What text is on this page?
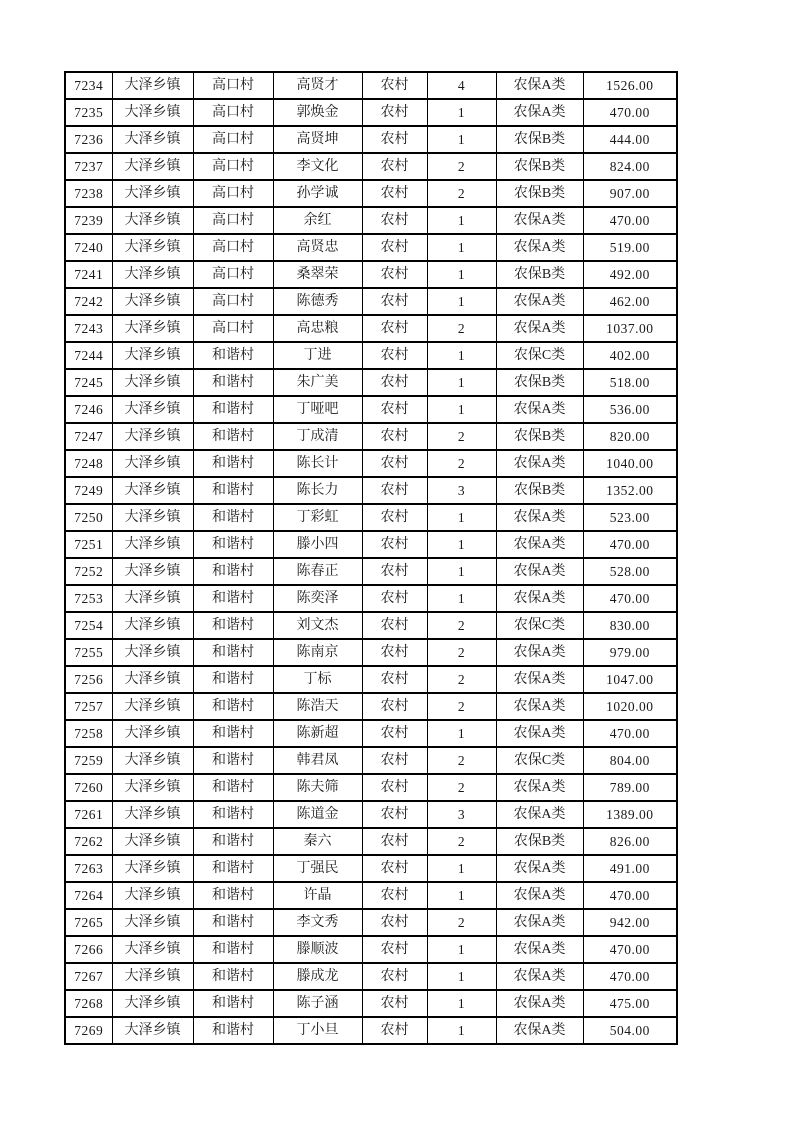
7234	大泽乡镇	高口村	高贤才	农村	4	农保A类	1526.00
7235	大泽乡镇	高口村	郭焕金	农村	1	农保A类	470.00
7236	大泽乡镇	高口村	高贤坤	农村	1	农保B类	444.00
7237	大泽乡镇	高口村	李文化	农村	2	农保B类	824.00
7238	大泽乡镇	高口村	孙学诚	农村	2	农保B类	907.00
7239	大泽乡镇	高口村	余红	农村	1	农保A类	470.00
7240	大泽乡镇	高口村	高贤忠	农村	1	农保A类	519.00
7241	大泽乡镇	高口村	桑翠荣	农村	1	农保B类	492.00
7242	大泽乡镇	高口村	陈德秀	农村	1	农保A类	462.00
7243	大泽乡镇	高口村	高忠粮	农村	2	农保A类	1037.00
7244	大泽乡镇	和谐村	丁进	农村	1	农保C类	402.00
7245	大泽乡镇	和谐村	朱广美	农村	1	农保B类	518.00
7246	大泽乡镇	和谐村	丁哑吧	农村	1	农保A类	536.00
7247	大泽乡镇	和谐村	丁成清	农村	2	农保B类	820.00
7248	大泽乡镇	和谐村	陈长计	农村	2	农保A类	1040.00
7249	大泽乡镇	和谐村	陈长力	农村	3	农保B类	1352.00
7250	大泽乡镇	和谐村	丁彩虹	农村	1	农保A类	523.00
7251	大泽乡镇	和谐村	滕小四	农村	1	农保A类	470.00
7252	大泽乡镇	和谐村	陈春正	农村	1	农保A类	528.00
7253	大泽乡镇	和谐村	陈奕泽	农村	1	农保A类	470.00
7254	大泽乡镇	和谐村	刘文杰	农村	2	农保C类	830.00
7255	大泽乡镇	和谐村	陈南京	农村	2	农保A类	979.00
7256	大泽乡镇	和谐村	丁标	农村	2	农保A类	1047.00
7257	大泽乡镇	和谐村	陈浩天	农村	2	农保A类	1020.00
7258	大泽乡镇	和谐村	陈新超	农村	1	农保A类	470.00
7259	大泽乡镇	和谐村	韩君凤	农村	2	农保C类	804.00
7260	大泽乡镇	和谐村	陈夫筛	农村	2	农保A类	789.00
7261	大泽乡镇	和谐村	陈道金	农村	3	农保A类	1389.00
7262	大泽乡镇	和谐村	秦六	农村	2	农保B类	826.00
7263	大泽乡镇	和谐村	丁强民	农村	1	农保A类	491.00
7264	大泽乡镇	和谐村	许晶	农村	1	农保A类	470.00
7265	大泽乡镇	和谐村	李文秀	农村	2	农保A类	942.00
7266	大泽乡镇	和谐村	滕顺波	农村	1	农保A类	470.00
7267	大泽乡镇	和谐村	滕成龙	农村	1	农保A类	470.00
7268	大泽乡镇	和谐村	陈子涵	农村	1	农保A类	475.00
7269	大泽乡镇	和谐村	丁小旦	农村	1	农保A类	504.00
